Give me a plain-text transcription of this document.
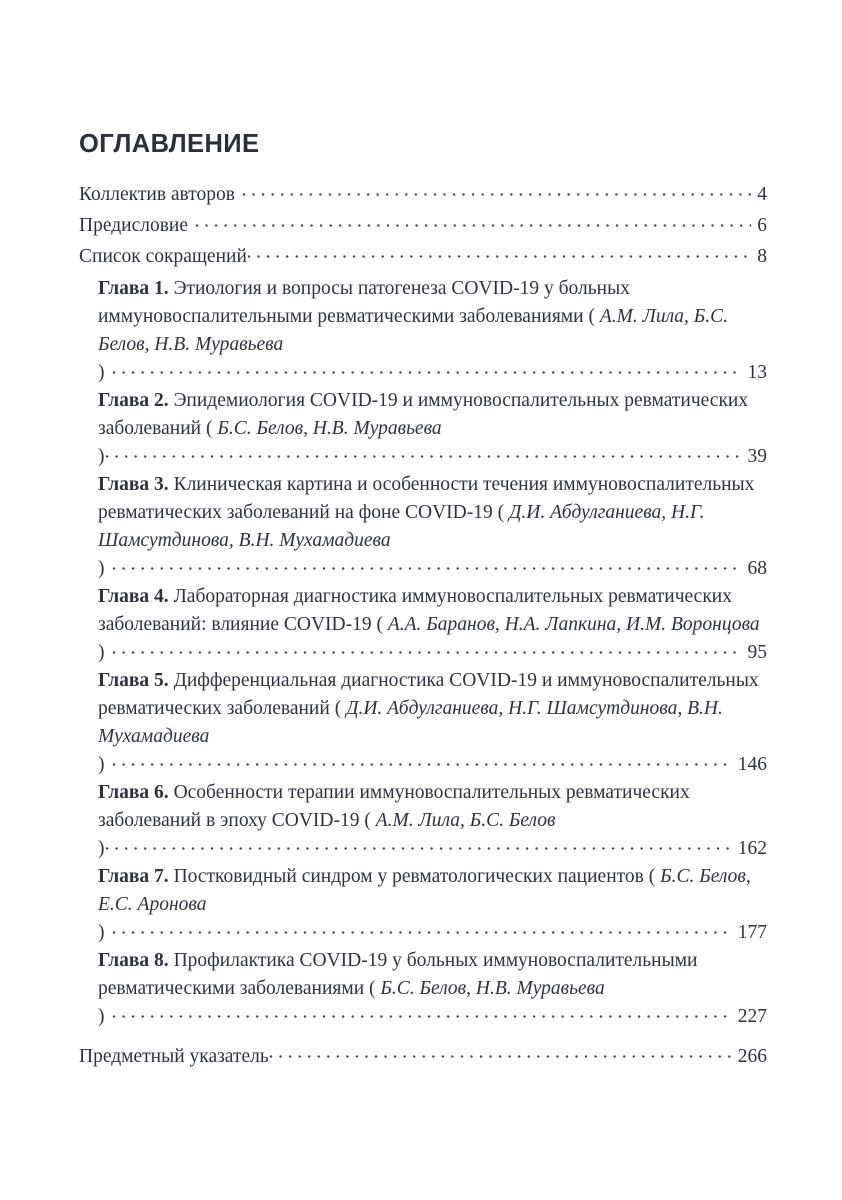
ОГЛАВЛЕНИЕ
Коллектив авторов	4
Предисловие	6
Список сокращений	8
Глава 1. Этиология и вопросы патогенеза COVID-19 у больных иммуновоспалительными ревматическими заболеваниями ( А.М. Лила, Б.С. Белов, Н.В. Муравьева
)	13
Глава 2. Эпидемиология COVID-19 и иммуновоспалительных ревматических заболеваний ( Б.С. Белов, Н.В. Муравьева
)	39
Глава 3. Клиническая картина и особенности течения иммуновоспалительных ревматических заболеваний на фоне COVID-19 ( Д.И. Абдулганиева, Н.Г. Шамсутдинова, В.Н. Мухамадиева
)	68
Глава 4. Лабораторная диагностика иммуновоспалительных ревматических заболеваний: влияние COVID-19 ( А.А. Баранов, Н.А. Лапкина, И.М. Воронцова
)	95
Глава 5. Дифференциальная диагностика COVID-19 и иммуновоспалительных ревматических заболеваний ( Д.И. Абдулганиева, Н.Г. Шамсутдинова, В.Н. Мухамадиева
)	146
Глава 6. Особенности терапии иммуновоспалительных ревматических заболеваний в эпоху COVID-19 ( А.М. Лила, Б.С. Белов
)	162
Глава 7. Постковидный синдром у ревматологических пациентов ( Б.С. Белов, Е.С. Аронова
)	177
Глава 8. Профилактика COVID-19 у больных иммуновоспалительными ревматическими заболеваниями ( Б.С. Белов, Н.В. Муравьева
)	227
Предметный указатель	266
